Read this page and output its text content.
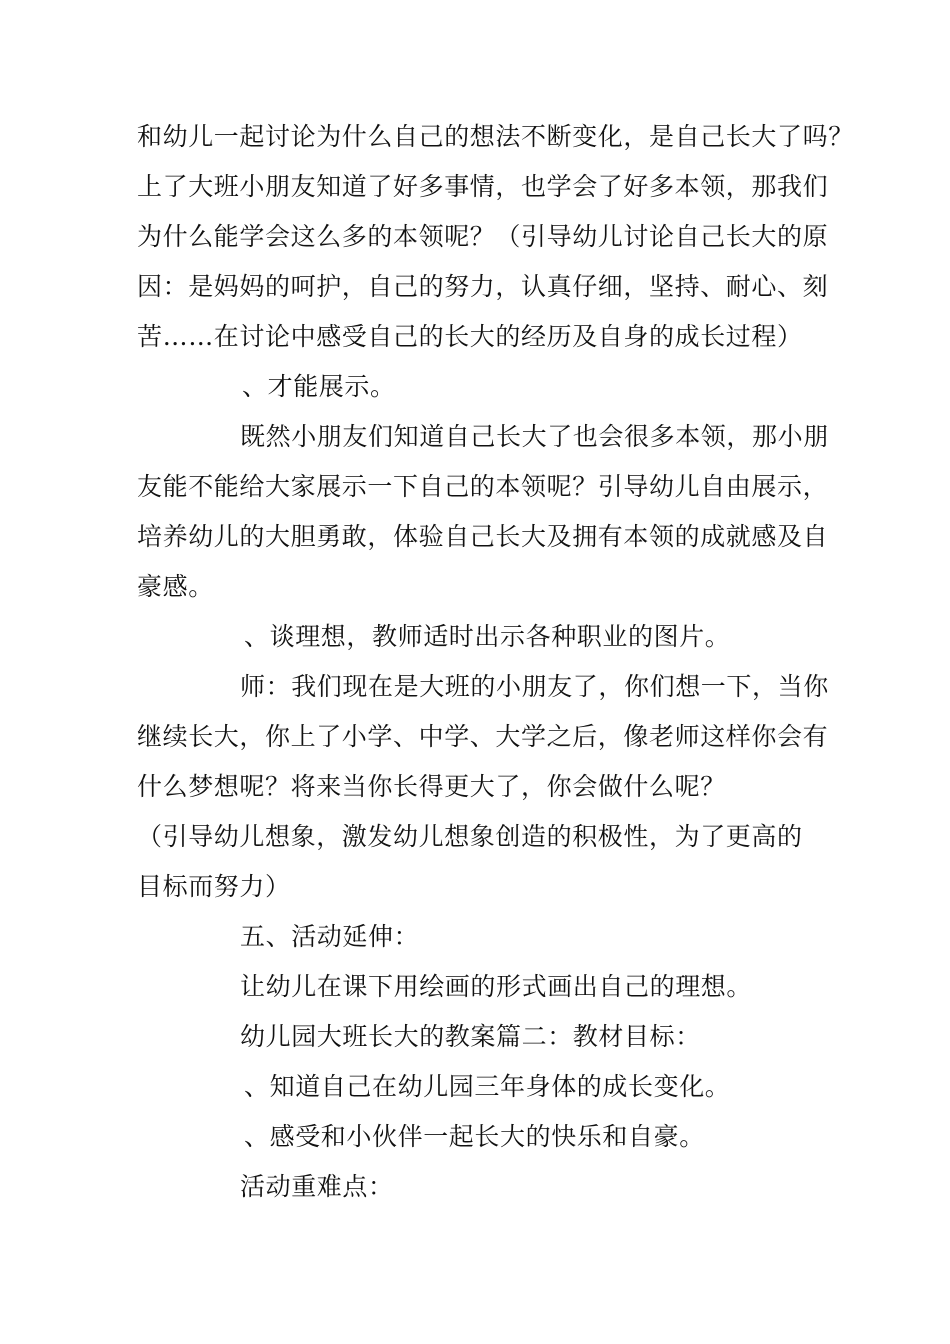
和幼儿一起讨论为什么自己的想法不断变化，是自己长大了吗？
上了大班小朋友知道了好多事情，也学会了好多本领，那我们
为什么能学会这么多的本领呢？（引导幼儿讨论自己长大的原
因：是妈妈的呵护，自己的努力，认真仔细，坚持、耐心、刻
苦……在讨论中感受自己的长大的经历及自身的成长过程）
、才能展示。
既然小朋友们知道自己长大了也会很多本领，那小朋
友能不能给大家展示一下自己的本领呢？引导幼儿自由展示，
培养幼儿的大胆勇敢，体验自己长大及拥有本领的成就感及自
豪感。
、谈理想，教师适时出示各种职业的图片。
师：我们现在是大班的小朋友了，你们想一下，当你
继续长大，你上了小学、中学、大学之后，像老师这样你会有
什么梦想呢？将来当你长得更大了，你会做什么呢？
（引导幼儿想象，激发幼儿想象创造的积极性，为了更高的
目标而努力）
五、活动延伸：
让幼儿在课下用绘画的形式画出自己的理想。
幼儿园大班长大的教案篇二：教材目标：
、知道自己在幼儿园三年身体的成长变化。
、感受和小伙伴一起长大的快乐和自豪。
活动重难点：
